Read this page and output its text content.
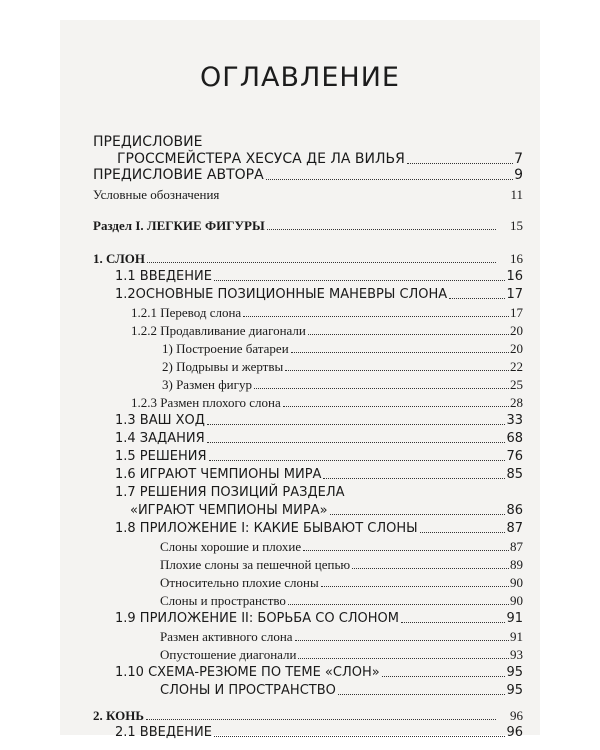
ОГЛАВЛЕНИЕ
ПРЕДИСЛОВИЕ
ГРОССМЕЙСТЕРА ХЕСУСА ДЕ ЛА ВИЛЬЯ	7
ПРЕДИСЛОВИЕ АВТОРА	9
Условные обозначения	11
Раздел I. ЛЕГКИЕ ФИГУРЫ	15
1. СЛОН	16
1.1 ВВЕДЕНИЕ	16
1.2ОСНОВНЫЕ ПОЗИЦИОННЫЕ МАНЕВРЫ СЛОНА	17
1.2.1 Перевод слона	17
1.2.2 Продавливание диагонали	20
1) Построение батареи	20
2) Подрывы и жертвы	22
3) Размен фигур	25
1.2.3 Размен плохого слона	28
1.3 ВАШ ХОД	33
1.4 ЗАДАНИЯ	68
1.5 РЕШЕНИЯ	76
1.6 ИГРАЮТ ЧЕМПИОНЫ МИРА	85
1.7 РЕШЕНИЯ ПОЗИЦИЙ РАЗДЕЛА
«ИГРАЮТ ЧЕМПИОНЫ МИРА»	86
1.8 ПРИЛОЖЕНИЕ I: КАКИЕ БЫВАЮТ СЛОНЫ	87
Слоны хорошие и плохие	87
Плохие слоны за пешечной цепью	89
Относительно плохие слоны	90
Слоны и пространство	90
1.9 ПРИЛОЖЕНИЕ II: БОРЬБА СО СЛОНОМ	91
Размен активного слона	91
Опустошение диагонали	93
1.10 СХЕМА-РЕЗЮМЕ ПО ТЕМЕ «СЛОН»	95
СЛОНЫ И ПРОСТРАНСТВО	95
2. КОНЬ	96
2.1 ВВЕДЕНИЕ	96
